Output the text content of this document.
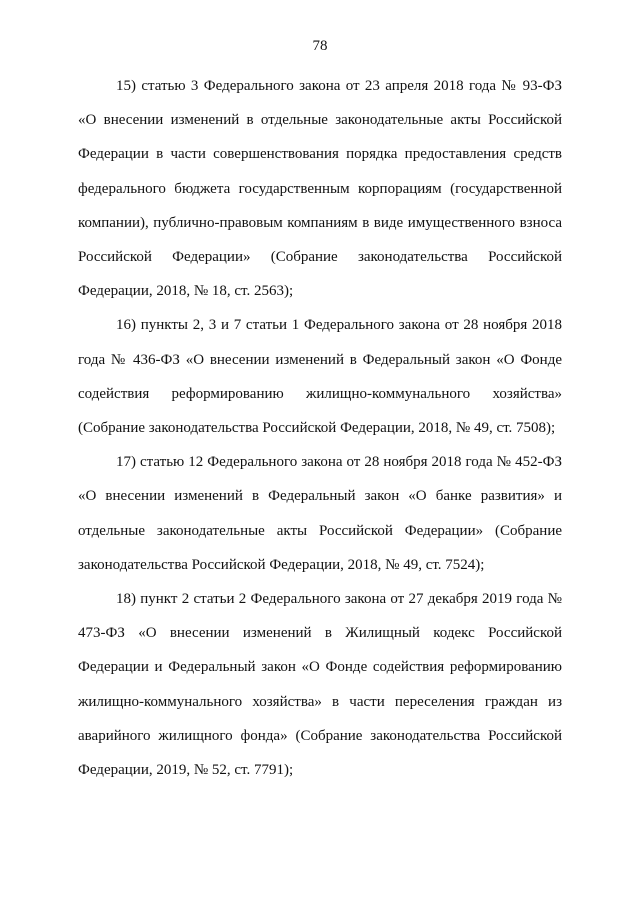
78

15) статью 3 Федерального закона от 23 апреля 2018 года № 93-ФЗ «О внесении изменений в отдельные законодательные акты Российской Федерации в части совершенствования порядка предоставления средств федерального бюджета государственным корпорациям (государственной компании), публично-правовым компаниям в виде имущественного взноса Российской Федерации» (Собрание законодательства Российской Федерации, 2018, № 18, ст. 2563);

16) пункты 2, 3 и 7 статьи 1 Федерального закона от 28 ноября 2018 года № 436-ФЗ «О внесении изменений в Федеральный закон «О Фонде содействия реформированию жилищно-коммунального хозяйства» (Собрание законодательства Российской Федерации, 2018, № 49, ст. 7508);

17) статью 12 Федерального закона от 28 ноября 2018 года № 452-ФЗ «О внесении изменений в Федеральный закон «О банке развития» и отдельные законодательные акты Российской Федерации» (Собрание законодательства Российской Федерации, 2018, № 49, ст. 7524);

18) пункт 2 статьи 2 Федерального закона от 27 декабря 2019 года № 473-ФЗ «О внесении изменений в Жилищный кодекс Российской Федерации и Федеральный закон «О Фонде содействия реформированию жилищно-коммунального хозяйства» в части переселения граждан из аварийного жилищного фонда» (Собрание законодательства Российской Федерации, 2019, № 52, ст. 7791);
